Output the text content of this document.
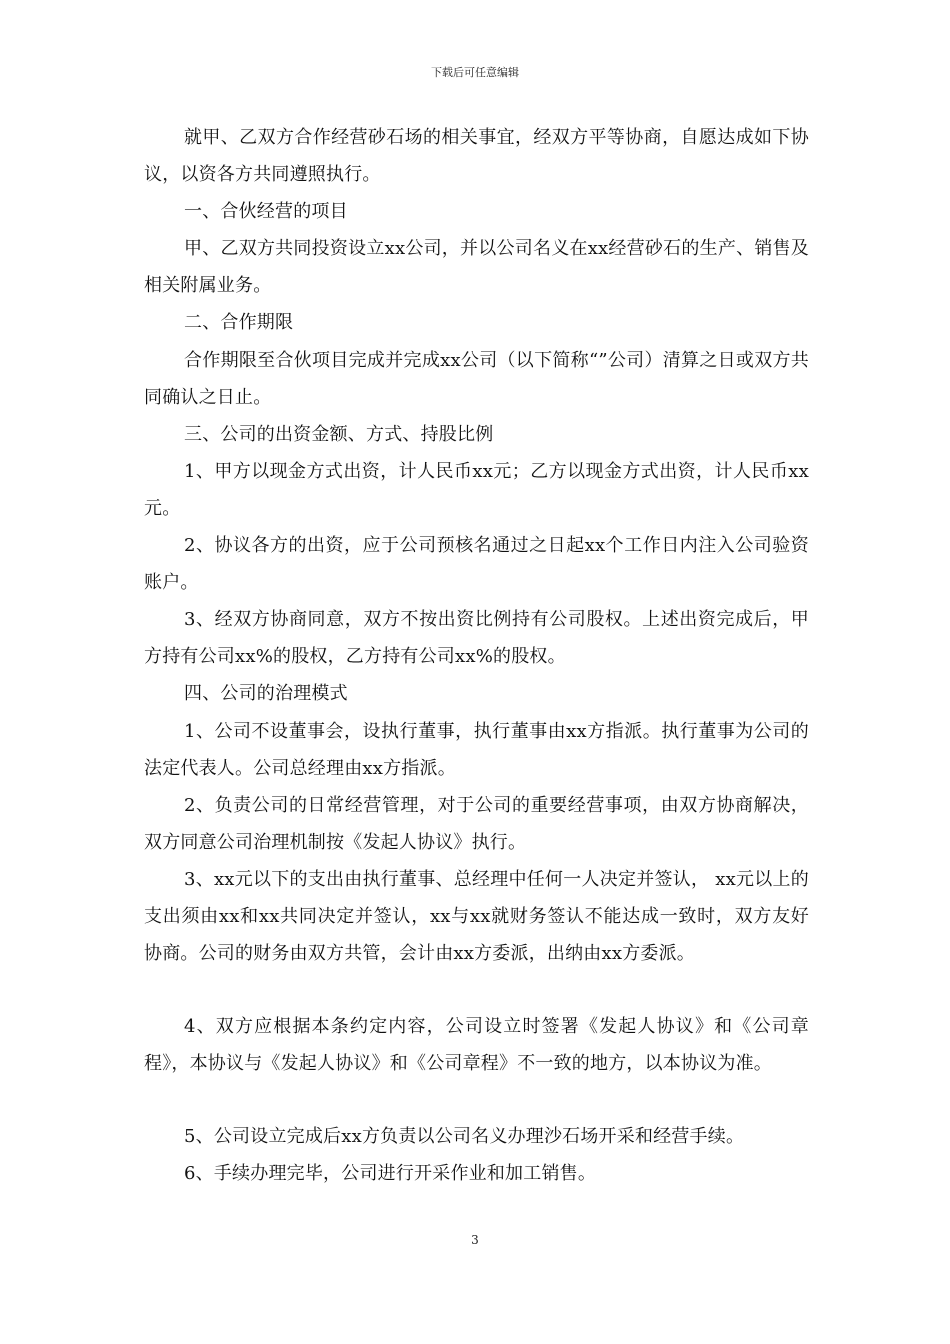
下载后可任意编辑

就甲、乙双方合作经营砂石场的相关事宜，经双方平等协商，自愿达成如下协议，以资各方共同遵照执行。

一、合伙经营的项目

甲、乙双方共同投资设立xx公司，并以公司名义在xx经营砂石的生产、销售及相关附属业务。

二、合作期限

合作期限至合伙项目完成并完成xx公司（以下简称“”公司）清算之日或双方共同确认之日止。

三、公司的出资金额、方式、持股比例

1、甲方以现金方式出资，计人民币xx元；乙方以现金方式出资，计人民币xx元。

2、协议各方的出资，应于公司预核名通过之日起xx个工作日内注入公司验资账户。

3、经双方协商同意，双方不按出资比例持有公司股权。上述出资完成后，甲方持有公司xx%的股权，乙方持有公司xx%的股权。

四、公司的治理模式

1、公司不设董事会，设执行董事，执行董事由xx方指派。执行董事为公司的法定代表人。公司总经理由xx方指派。

2、负责公司的日常经营管理，对于公司的重要经营事项，由双方协商解决，双方同意公司治理机制按《发起人协议》执行。

3、xx元以下的支出由执行董事、总经理中任何一人决定并签认， xx元以上的支出须由xx和xx共同决定并签认，xx与xx就财务签认不能达成一致时，双方友好协商。公司的财务由双方共管，会计由xx方委派，出纳由xx方委派。

4、双方应根据本条约定内容，公司设立时签署《发起人协议》和《公司章程》，本协议与《发起人协议》和《公司章程》不一致的地方，以本协议为准。

5、公司设立完成后xx方负责以公司名义办理沙石场开采和经营手续。

6、手续办理完毕，公司进行开采作业和加工销售。

3
